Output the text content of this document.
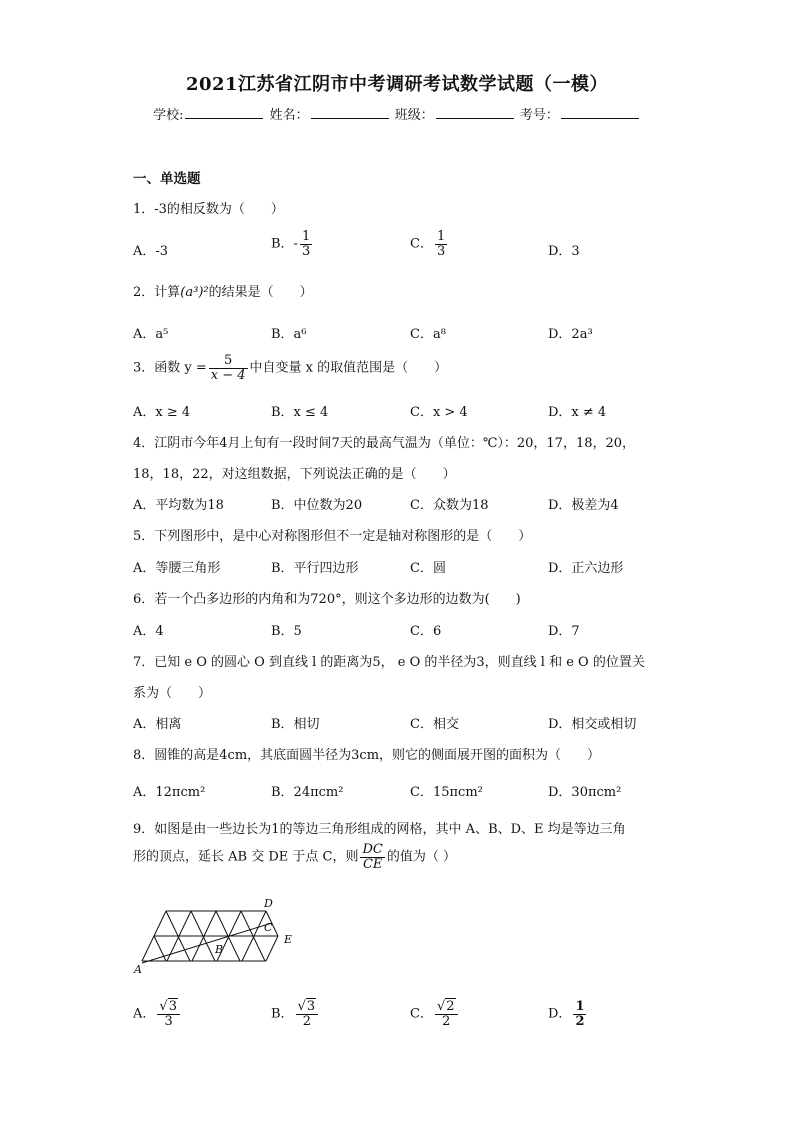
2021江苏省江阴市中考调研考试数学试题（一模）
学校:	姓名：	班级：	考号：
一、单选题
1．-3的相反数为（　　）
A．-3	B．- $\frac{1}{3}$	C． $\frac{1}{3}$	D．3
2．计算(a³)²的结果是（　　）
A．a⁵	B．a⁶	C．a⁸	D．2a³
3．函数 $y = \frac{5}{x - 4}$ 中自变量 x 的取值范围是（　　）
A．x ≥ 4	B．x ≤ 4	C．x > 4	D．x ≠ 4
4．江阴市今年4月上旬有一段时间7天的最高气温为（单位：℃）：20，17，18，20，
18，18，22，对这组数据，下列说法正确的是（　　）
A．平均数为18	B．中位数为20	C．众数为18	D．极差为4
5．下列图形中，是中心对称图形但不一定是轴对称图形的是（　　）
A．等腰三角形	B．平行四边形	C．圆	D．正六边形
6．若一个凸多边形的内角和为720°，则这个多边形的边数为(　　)
A．4	B．5	C．6	D．7
7．已知 e O 的圆心 O 到直线 l 的距离为5， e O 的半径为3，则直线 l 和 e O 的位置关
系为（　　）
A．相离	B．相切	C．相交	D．相交或相切
8．圆锥的高是4cm，其底面圆半径为3cm，则它的侧面展开图的面积为（　　）
A．12πcm²	B．24πcm²	C．15πcm²	D．30πcm²
9．如图是由一些边长为1的等边三角形组成的网格，其中 A、B、D、E 均是等边三角
形的顶点，延长 AB 交 DE 于点 C，则 $\frac{DC}{CE}$ 的值为（ ）
A
B
C
D
E
A． $\frac{√3}{3}$	B． $\frac{√3}{2}$	C． $\frac{√2}{2}$	D． $\frac{1}{2}$
